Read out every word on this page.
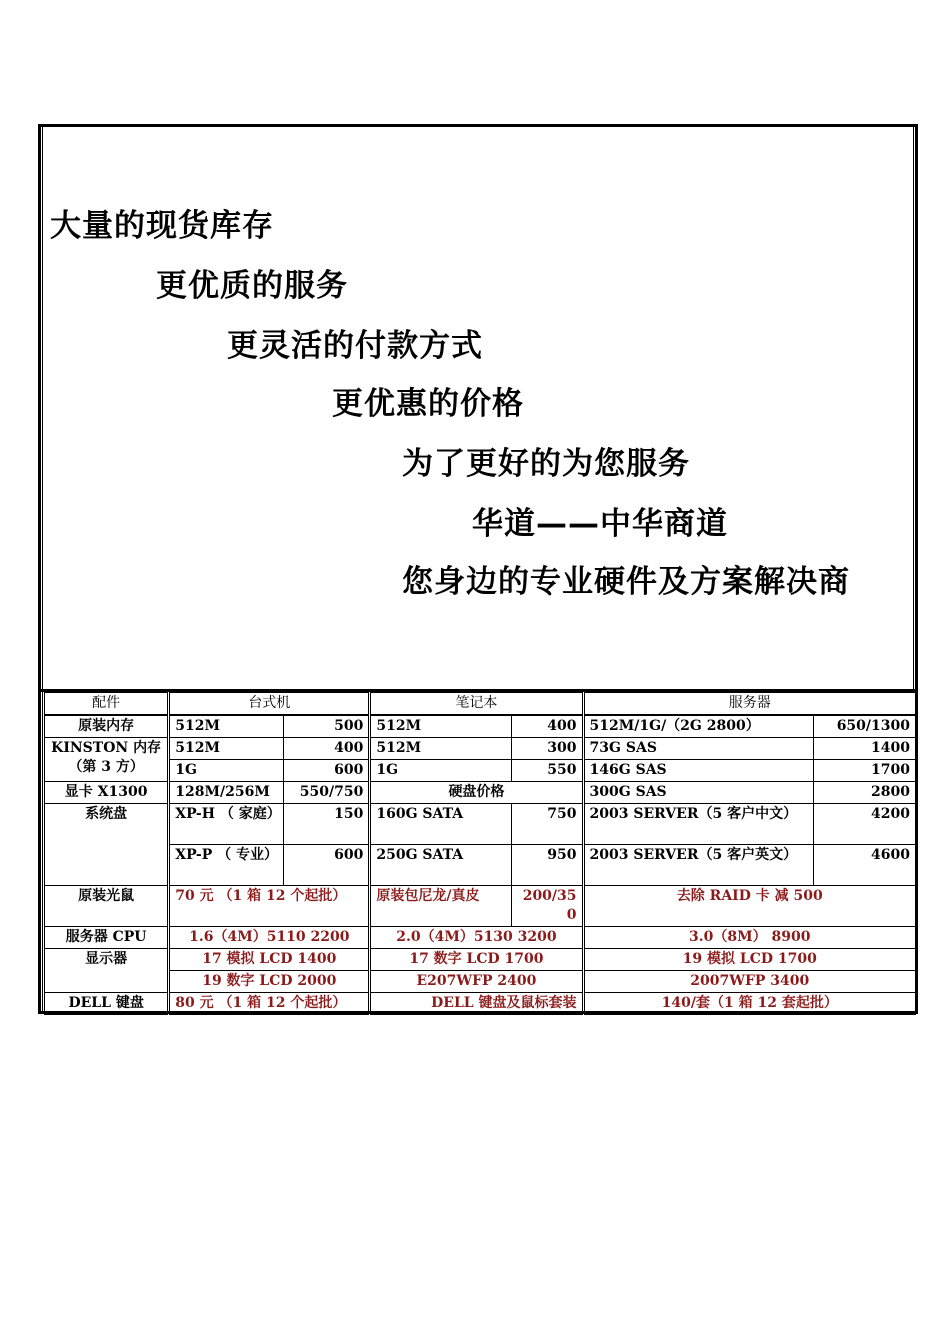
大量的现货库存
更优质的服务
更灵活的付款方式
更优惠的价格
为了更好的为您服务
华道——中华商道
您身边的专业硬件及方案解决商
配件	台式机		笔记本		服务器	
原装内存	512M	500	512M	400	512M/1G/（2G 2800）	650/1300
KINSTON 内存（第 3 方）	512M	400	512M	300	73G SAS	1400
	1G	600	1G	550	146G SAS	1700
显卡 X1300	128M/256M	550/750	硬盘价格		300G SAS	2800
系统盘	XP-H （ 家庭）	150	160G SATA	750	2003 SERVER（5 客户中文）	4200
	XP-P （ 专业）	600	250G SATA	950	2003 SERVER（5 客户英文）	4600
原装光鼠	70 元 （1 箱 12 个起批）		原装包尼龙/真皮	200/350	去除 RAID 卡 减 500	
服务器 CPU	1.6（4M）5110 2200		2.0（4M）5130 3200		3.0（8M） 8900	
显示器	17 模拟 LCD 1400		17 数字 LCD 1700		19 模拟 LCD 1700	
	19 数字 LCD 2000		E207WFP 2400		2007WFP 3400	
DELL 键盘	80 元 （1 箱 12 个起批）		DELL 键盘及鼠标套装		140/套（1 箱 12 套起批）	
